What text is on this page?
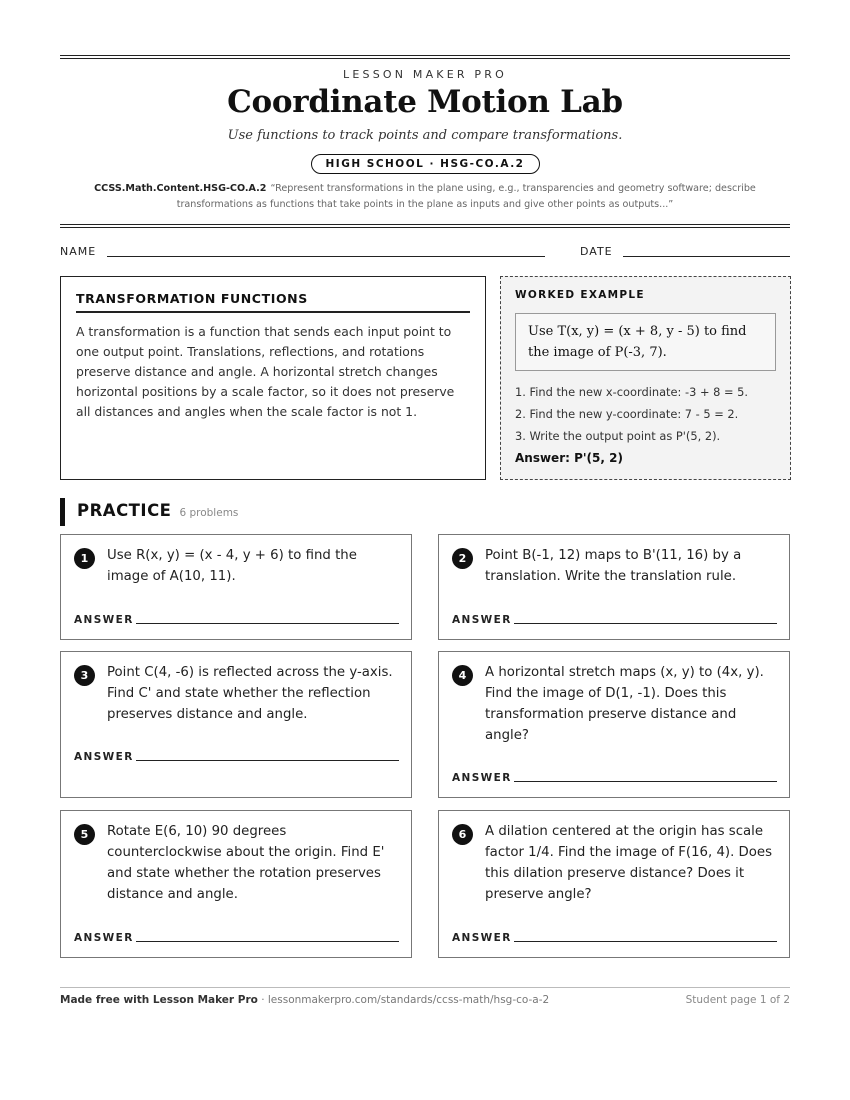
LESSON MAKER PRO
Coordinate Motion Lab
Use functions to track points and compare transformations.
HIGH SCHOOL · HSG-CO.A.2
CCSS.Math.Content.HSG-CO.A.2 “Represent transformations in the plane using, e.g., transparencies and geometry software; describe transformations as functions that take points in the plane as inputs and give other points as outputs...”
NAME	DATE
TRANSFORMATION FUNCTIONS

A transformation is a function that sends each input point to one output point. Translations, reflections, and rotations preserve distance and angle. A horizontal stretch changes horizontal positions by a scale factor, so it does not preserve all distances and angles when the scale factor is not 1.

WORKED EXAMPLE
Use T(x, y) = (x + 8, y - 5) to find the image of P(-3, 7).
1. Find the new x-coordinate: -3 + 8 = 5.
2. Find the new y-coordinate: 7 - 5 = 2.
3. Write the output point as P'(5, 2).
Answer: P'(5, 2)
PRACTICE 6 problems
1	Use R(x, y) = (x - 4, y + 6) to find the image of A(10, 11).
ANSWER
2	Point B(-1, 12) maps to B'(11, 16) by a translation. Write the translation rule.
ANSWER
3	Point C(4, -6) is reflected across the y-axis. Find C' and state whether the reflection preserves distance and angle.
ANSWER
4	A horizontal stretch maps (x, y) to (4x, y). Find the image of D(1, -1). Does this transformation preserve distance and angle?
ANSWER
5	Rotate E(6, 10) 90 degrees counterclockwise about the origin. Find E' and state whether the rotation preserves distance and angle.
ANSWER
6	A dilation centered at the origin has scale factor 1/4. Find the image of F(16, 4). Does this dilation preserve distance? Does it preserve angle?
ANSWER
Made free with Lesson Maker Pro · lessonmakerpro.com/standards/ccss-math/hsg-co-a-2	Student page 1 of 2
